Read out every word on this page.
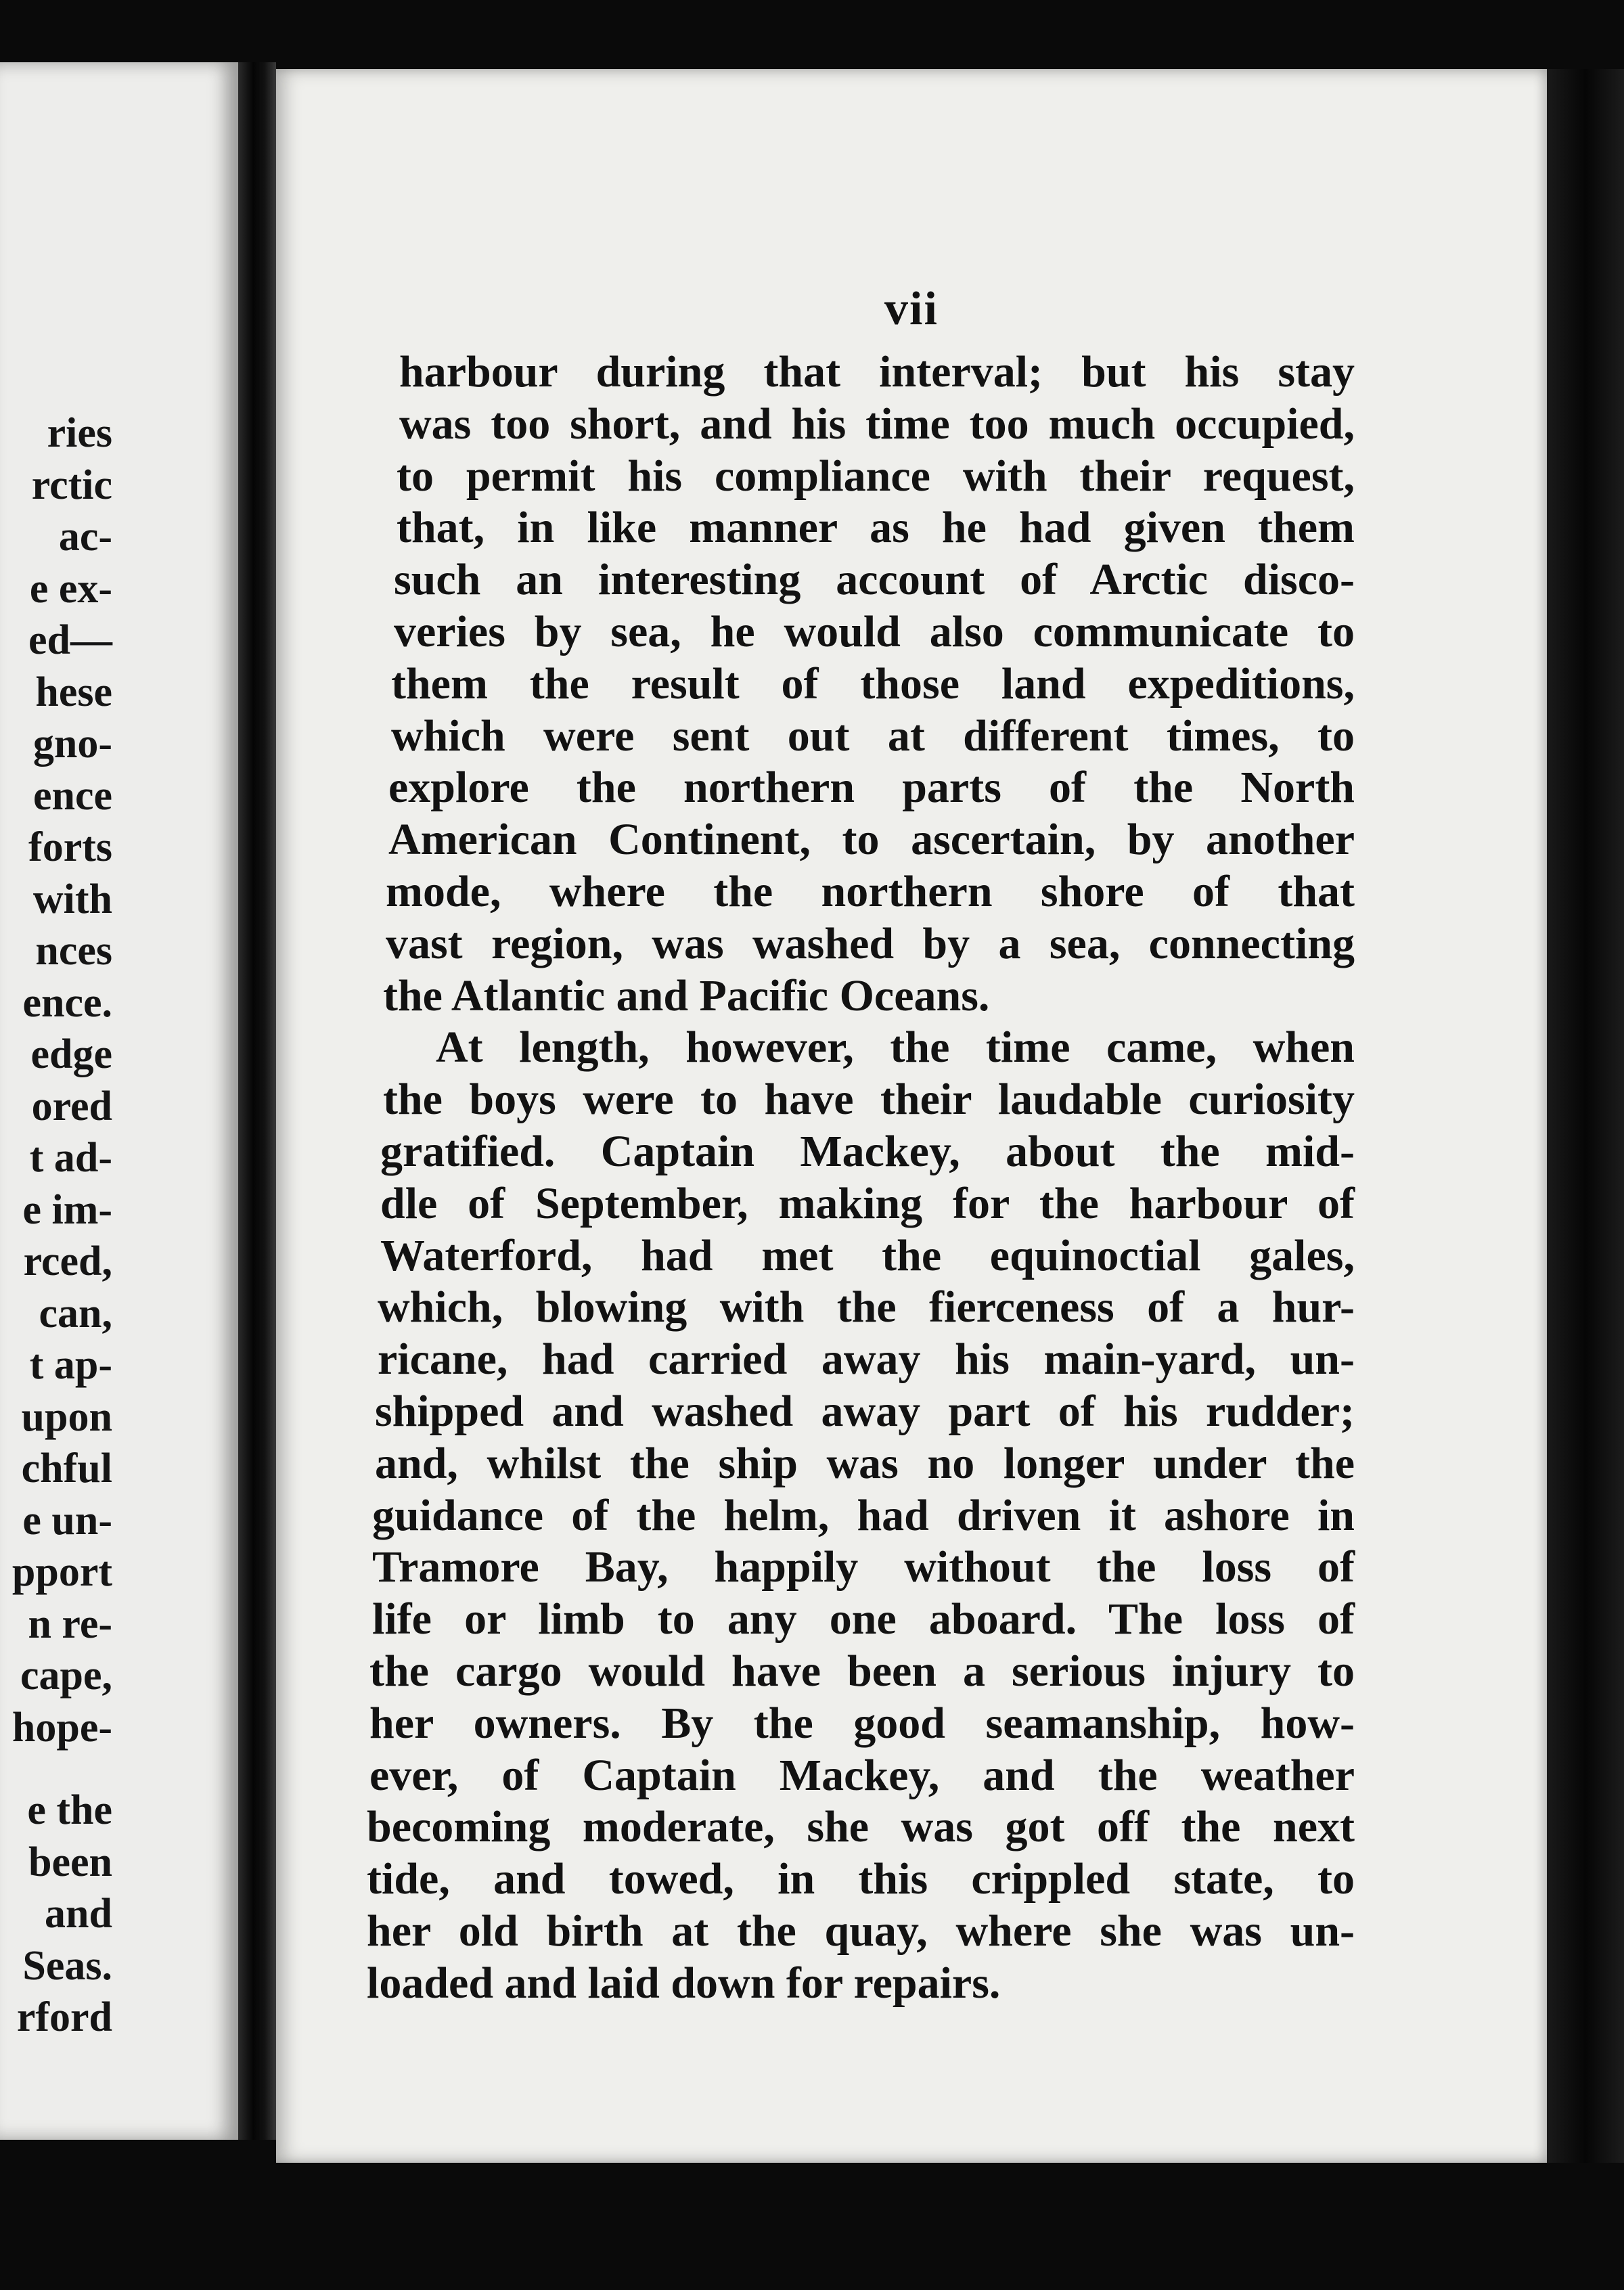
ries
rctic
ac-
e ex-
ed—
hese
gno-
ence
forts
with
nces
ence.
edge
ored
t ad-
e im-
rced,
can,
t ap-
upon
chful
e un-
pport
n re-
cape,
hope-
e the
been
and
Seas.
rford
vii
harbour during that interval; but his stay
was too short, and his time too much occupied,
to permit his compliance with their request,
that, in like manner as he had given them
such an interesting account of Arctic disco-
veries by sea, he would also communicate to
them the result of those land expeditions,
which were sent out at different times, to
explore the northern parts of the North
American Continent, to ascertain, by another
mode, where the northern shore of that
vast region, was washed by a sea, connecting
the Atlantic and Pacific Oceans.
At length, however, the time came, when
the boys were to have their laudable curiosity
gratified. Captain Mackey, about the mid-
dle of September, making for the harbour of
Waterford, had met the equinoctial gales,
which, blowing with the fierceness of a hur-
ricane, had carried away his main-yard, un-
shipped and washed away part of his rudder;
and, whilst the ship was no longer under the
guidance of the helm, had driven it ashore in
Tramore Bay, happily without the loss of
life or limb to any one aboard. The loss of
the cargo would have been a serious injury to
her owners. By the good seamanship, how-
ever, of Captain Mackey, and the weather
becoming moderate, she was got off the next
tide, and towed, in this crippled state, to
her old birth at the quay, where she was un-
loaded and laid down for repairs.
